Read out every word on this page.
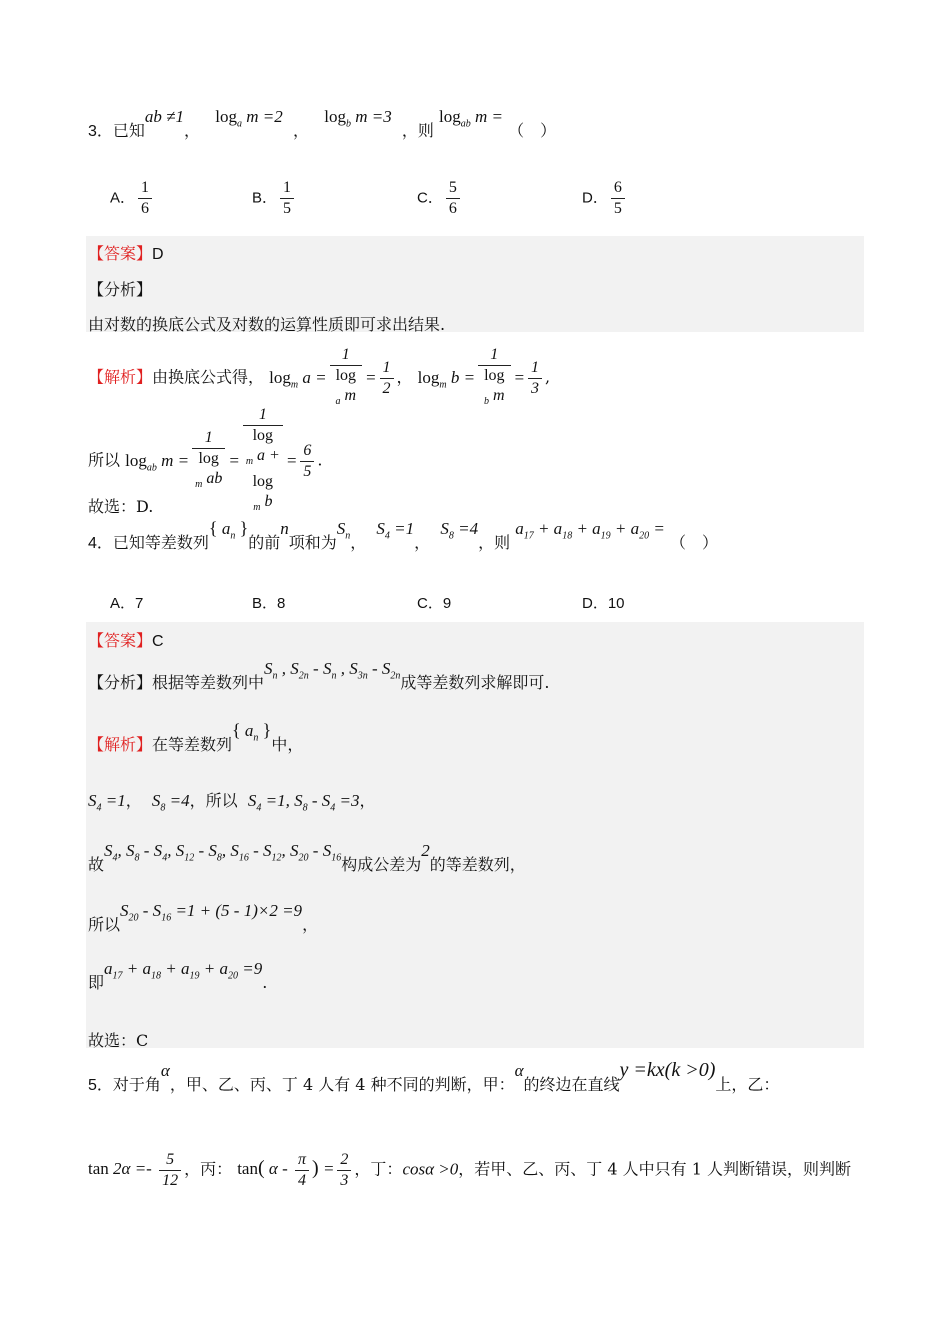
3．已知ab ≠1，   $\log_a m =2$  ，   $\log_b m =3$  ，则 $\log_{ab} m$ = （　）
A． $\frac{1}{6}$	B． $\frac{1}{5}$	C． $\frac{5}{6}$	D． $\frac{6}{5}$
【答案】D
【分析】
由对数的换底公式及对数的运算性质即可求出结果.
【解析】由换底公式得， $\log_m a = 1$
log
$_a$ $m = \frac{1}{2}$ ， $\log_m b = 1$
log
$_b$ $m = \frac{1}{3}$ ,
所以 $\log_{ab} m = 1$
log
$_m$ ab = 1
log
$_m$ a +
log
$_m$ $b = \frac{6}{5}$ .
故选：D.
4．已知等差数列{ $a_n$ }的前n项和为$S_n$，  $S_4 =1$，  $S_8 =4$，则 $a_{17} + a_{18} + a_{19} + a_{20}$ = （　）
A．7	B．8	C．9	D．10
【答案】C
【分析】根据等差数列中$S_n$ , $S_{2n} - S_n$ , $S_{3n} - S_{2n}$成等差数列求解即可.
【解析】在等差数列{ $a_n$ }中，
$S_4 =1$，  $S_8 =4$，所以 $S_4 =1$, $S_8 - S_4 =3$，
故$S_4$, $S_8 - S_4$, $S_{12} - S_8$, $S_{16} - S_{12}$, $S_{20} - S_{16}$构成公差为2的等差数列，
所以$S_{20} - S_{16} =1 + (5 - 1)\times 2 =9$，
即$a_{17} + a_{18} + a_{19} + a_{20} =9$.
故选：C
5．对于角α，甲、乙、丙、丁 4 人有 4 种不同的判断，甲：α的终边在直线y =kx(k >0)上，乙：
$\tan 2\alpha =- \frac{5}{12}$ ，丙： tan( α - $\frac{\pi}{4}$ ) = $\frac{2}{3}$ ，丁：cosα >0，若甲、乙、丙、丁 4 人中只有 1 人判断错误，则判断
